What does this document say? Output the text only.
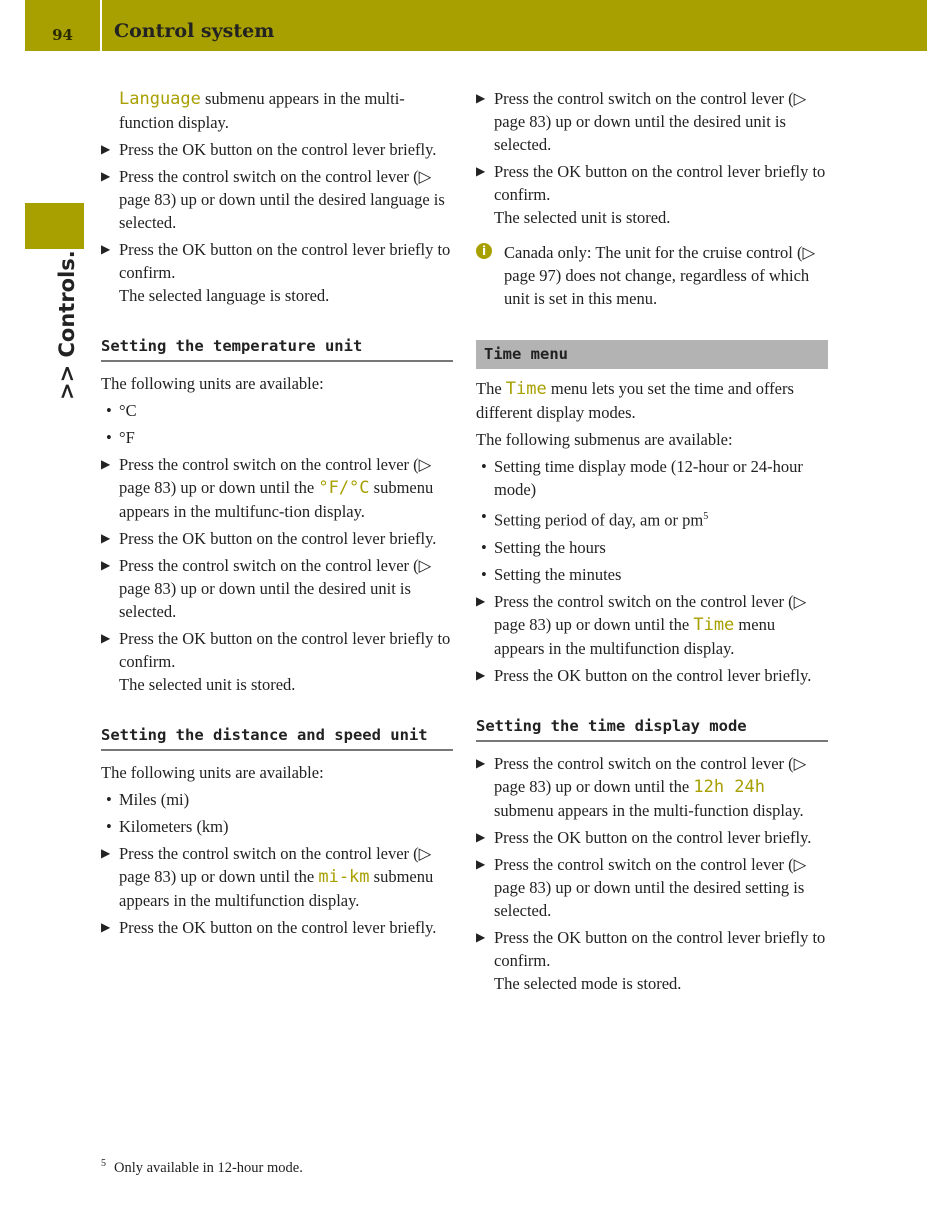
94	Control system
>> Controls.
Language submenu appears in the multi-function display.
▶ Press the OK button on the control lever briefly.
▶ Press the control switch on the control lever (▷ page 83) up or down until the desired language is selected.
▶ Press the OK button on the control lever briefly to confirm.
The selected language is stored.
Setting the temperature unit
The following units are available:
• °C
• °F
▶ Press the control switch on the control lever (▷ page 83) up or down until the °F/°C submenu appears in the multifunc-tion display.
▶ Press the OK button on the control lever briefly.
▶ Press the control switch on the control lever (▷ page 83) up or down until the desired unit is selected.
▶ Press the OK button on the control lever briefly to confirm.
The selected unit is stored.
Setting the distance and speed unit
The following units are available:
• Miles (mi)
• Kilometers (km)
▶ Press the control switch on the control lever (▷ page 83) up or down until the mi-km submenu appears in the multifunction display.
▶ Press the OK button on the control lever briefly.
▶ Press the control switch on the control lever (▷ page 83) up or down until the desired unit is selected.
▶ Press the OK button on the control lever briefly to confirm.
The selected unit is stored.
i	Canada only: The unit for the cruise control (▷ page 97) does not change, regardless of which unit is set in this menu.
Time menu
The Time menu lets you set the time and offers different display modes.
The following submenus are available:
• Setting time display mode (12-hour or 24-hour mode)
• Setting period of day, am or $pm^5$
• Setting the hours
• Setting the minutes
▶ Press the control switch on the control lever (▷ page 83) up or down until the Time menu appears in the multifunction display.
▶ Press the OK button on the control lever briefly.
Setting the time display mode
▶ Press the control switch on the control lever (▷ page 83) up or down until the 12h 24h submenu appears in the multi-function display.
▶ Press the OK button on the control lever briefly.
▶ Press the control switch on the control lever (▷ page 83) up or down until the desired setting is selected.
▶ Press the OK button on the control lever briefly to confirm.
The selected mode is stored.
$^5$ Only available in 12-hour mode.
